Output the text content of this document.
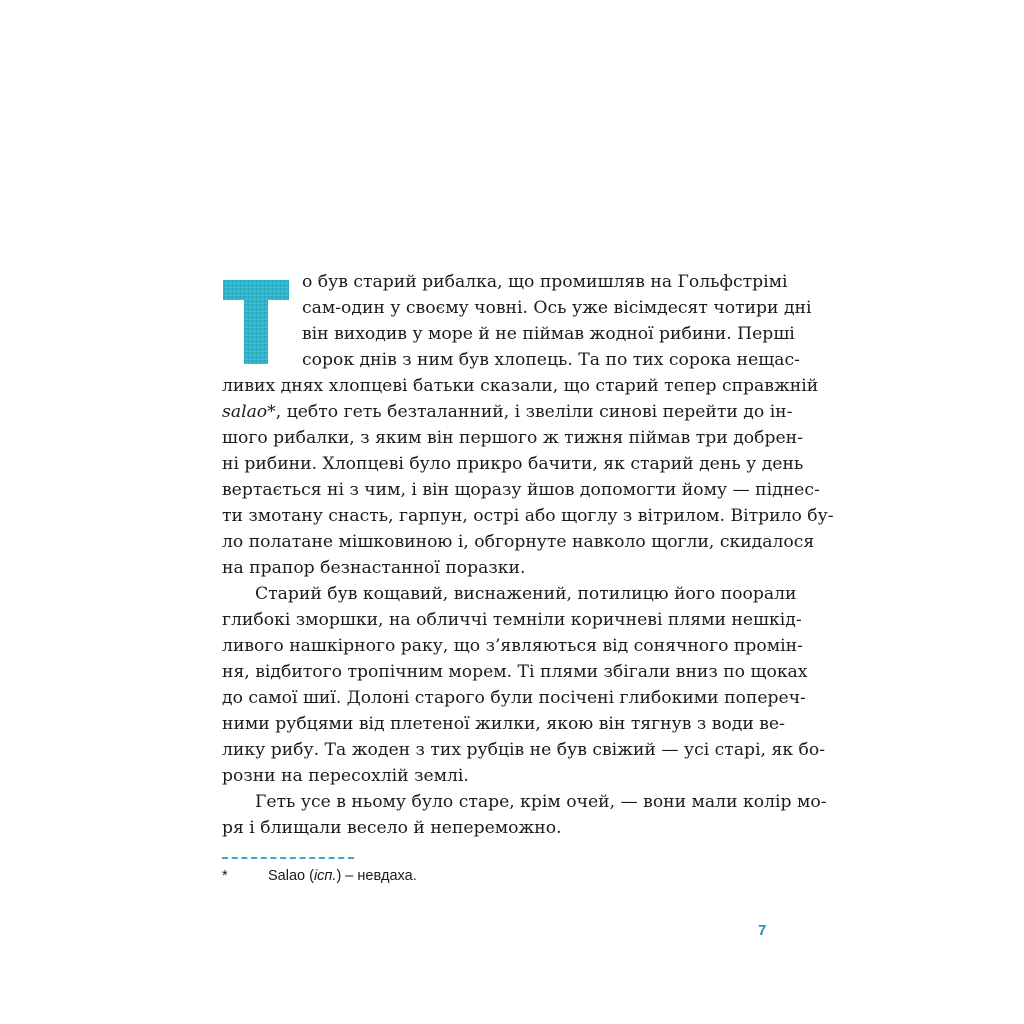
о був старий рибалка, що промишляв на Гольфстрімі
сам-один у своєму човні. Ось уже вісімдесят чотири дні
він виходив у море й не піймав жодної рибини. Перші
сорок днів з ним був хлопець. Та по тих сорока нещас-
ливих днях хлопцеві батьки сказали, що старий тепер справжній
salao*, цебто геть безталанний, і звеліли синові перейти до ін-
шого рибалки, з яким він першого ж тижня піймав три добрен-
ні рибини. Хлопцеві було прикро бачити, як старий день у день
вертається ні з чим, і він щоразу йшов допомогти йому — піднес-
ти змотану снасть, гарпун, острі або щоглу з вітрилом. Вітрило бу-
ло полатане мішковиною і, обгорнуте навколо щогли, скидалося
на прапор безнастанної поразки.
Старий був кощавий, виснажений, потилицю його поорали
глибокі зморшки, на обличчі темніли коричневі плями нешкід-
ливого нашкірного раку, що з’являються від сонячного промін-
ня, відбитого тропічним морем. Ті плями збігали вниз по щоках
до самої шиї. Долоні старого були посічені глибокими попереч-
ними рубцями від плетеної жилки, якою він тягнув з води ве-
лику рибу. Та жоден з тих рубців не був свіжий — усі старі, як бо-
розни на пересохлій землі.
Геть усе в ньому було старе, крім очей, — вони мали колір мо-
ря і блищали весело й непереможно.
*	Salao (ісп.) – невдаха.
7
